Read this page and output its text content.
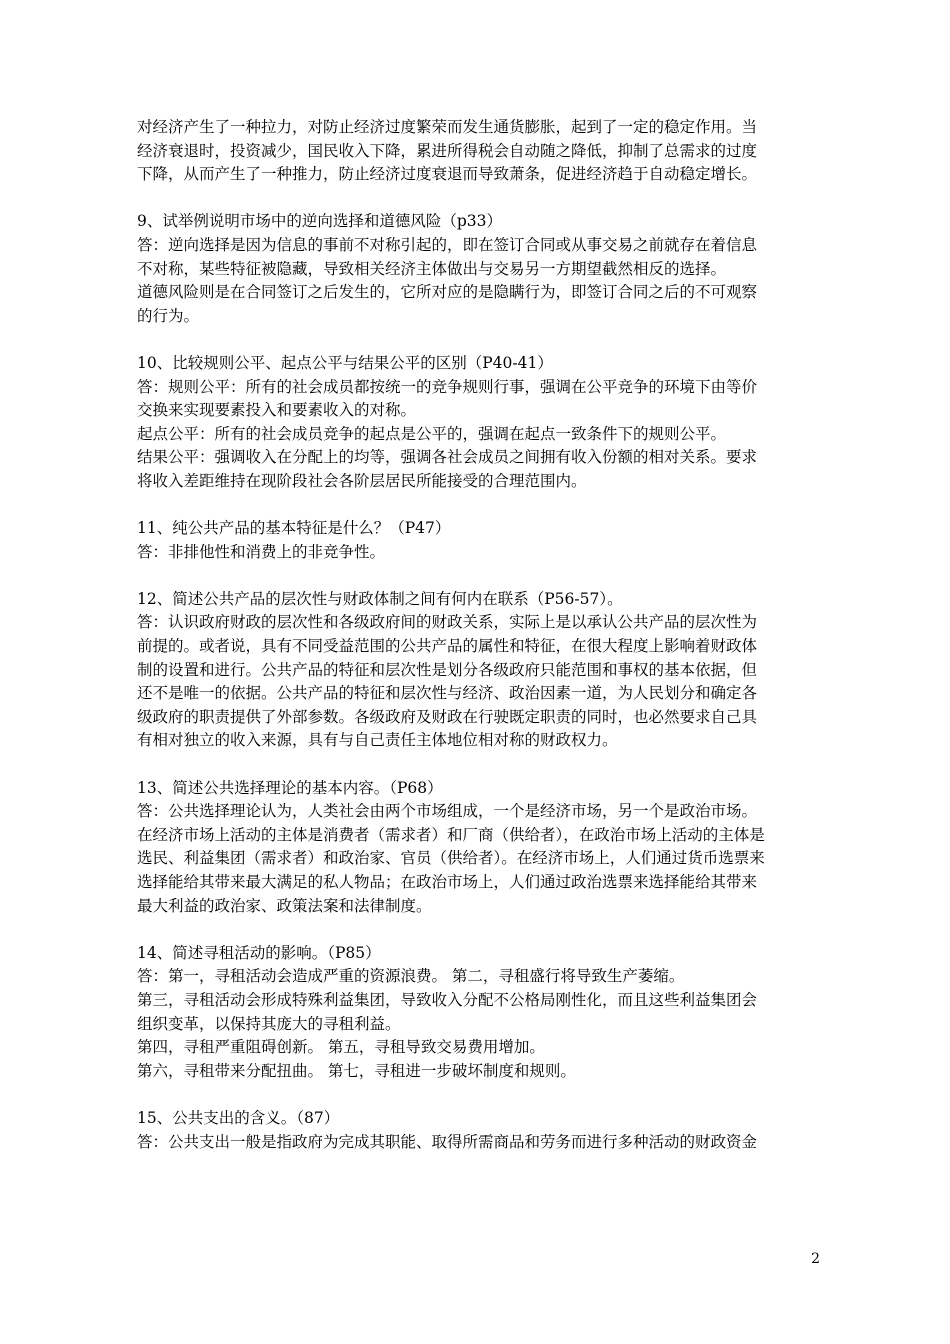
对经济产生了一种拉力，对防止经济过度繁荣而发生通货膨胀，起到了一定的稳定作用。当
经济衰退时，投资减少，国民收入下降，累进所得税会自动随之降低，抑制了总需求的过度
下降，从而产生了一种推力，防止经济过度衰退而导致萧条，促进经济趋于自动稳定增长。
9、试举例说明市场中的逆向选择和道德风险（p33）
答：逆向选择是因为信息的事前不对称引起的，即在签订合同或从事交易之前就存在着信息
不对称，某些特征被隐藏，导致相关经济主体做出与交易另一方期望截然相反的选择。
道德风险则是在合同签订之后发生的，它所对应的是隐瞒行为，即签订合同之后的不可观察
的行为。
10、比较规则公平、起点公平与结果公平的区别（P40-41）
答：规则公平：所有的社会成员都按统一的竞争规则行事，强调在公平竞争的环境下由等价
交换来实现要素投入和要素收入的对称。
起点公平：所有的社会成员竞争的起点是公平的，强调在起点一致条件下的规则公平。
结果公平：强调收入在分配上的均等，强调各社会成员之间拥有收入份额的相对关系。要求
将收入差距维持在现阶段社会各阶层居民所能接受的合理范围内。
11、纯公共产品的基本特征是什么？（P47）
答：非排他性和消费上的非竞争性。
12、简述公共产品的层次性与财政体制之间有何内在联系（P56-57）。
答：认识政府财政的层次性和各级政府间的财政关系，实际上是以承认公共产品的层次性为
前提的。或者说，具有不同受益范围的公共产品的属性和特征，在很大程度上影响着财政体
制的设置和进行。公共产品的特征和层次性是划分各级政府只能范围和事权的基本依据，但
还不是唯一的依据。公共产品的特征和层次性与经济、政治因素一道，为人民划分和确定各
级政府的职责提供了外部参数。各级政府及财政在行驶既定职责的同时，也必然要求自己具
有相对独立的收入来源，具有与自己责任主体地位相对称的财政权力。
13、简述公共选择理论的基本内容。（P68）
答：公共选择理论认为，人类社会由两个市场组成，一个是经济市场，另一个是政治市场。
在经济市场上活动的主体是消费者（需求者）和厂商（供给者），在政治市场上活动的主体是
选民、利益集团（需求者）和政治家、官员（供给者）。在经济市场上，人们通过货币选票来
选择能给其带来最大满足的私人物品；在政治市场上，人们通过政治选票来选择能给其带来
最大利益的政治家、政策法案和法律制度。
14、简述寻租活动的影响。（P85）
答：第一，寻租活动会造成严重的资源浪费。 第二，寻租盛行将导致生产萎缩。
第三，寻租活动会形成特殊利益集团，导致收入分配不公格局刚性化，而且这些利益集团会
组织变革，以保持其庞大的寻租利益。
第四，寻租严重阻碍创新。 第五，寻租导致交易费用增加。
第六，寻租带来分配扭曲。 第七，寻租进一步破坏制度和规则。
15、公共支出的含义。（87）
答：公共支出一般是指政府为完成其职能、取得所需商品和劳务而进行多种活动的财政资金
2
